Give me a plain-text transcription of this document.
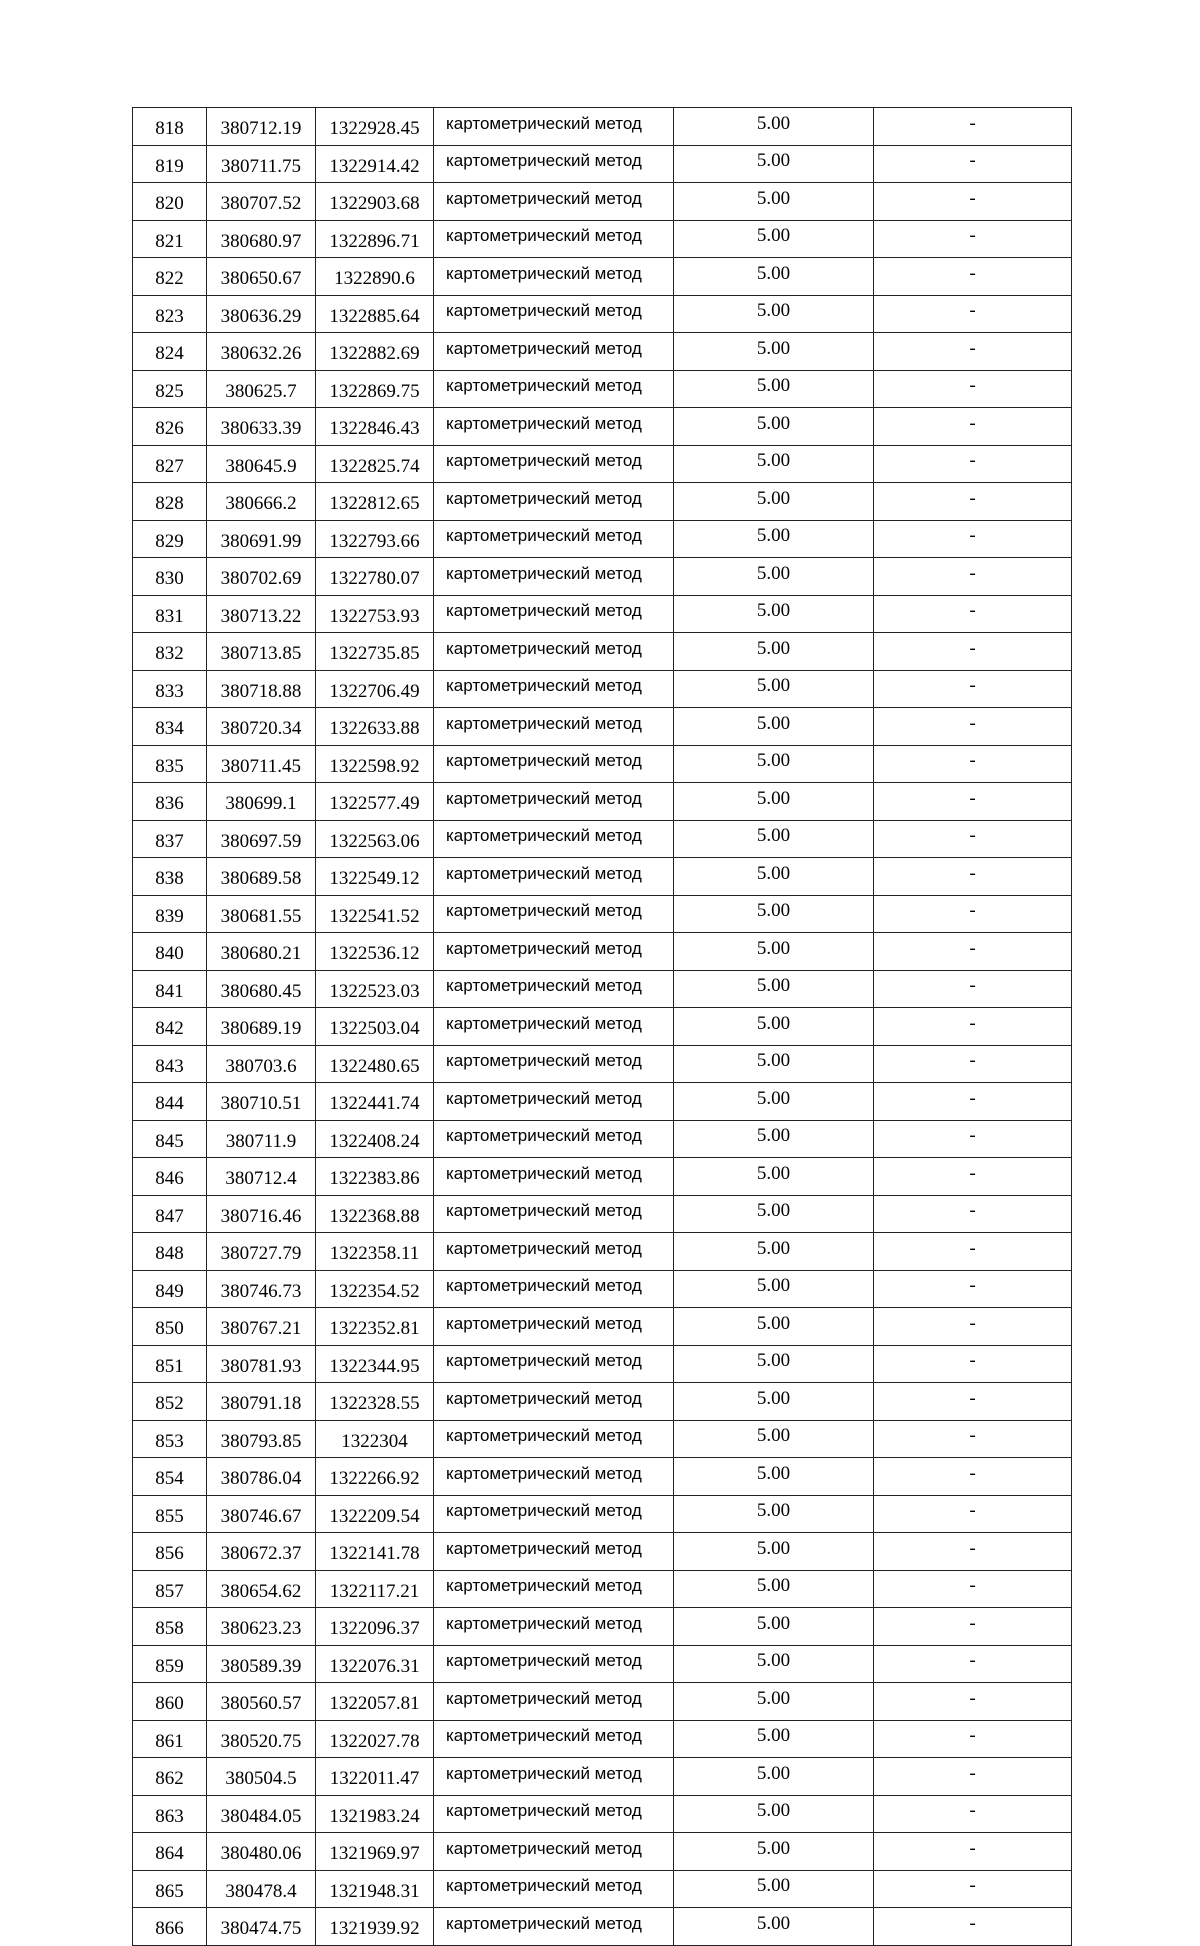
818	380712.19	1322928.45	картометрический метод	5.00	-
819	380711.75	1322914.42	картометрический метод	5.00	-
820	380707.52	1322903.68	картометрический метод	5.00	-
821	380680.97	1322896.71	картометрический метод	5.00	-
822	380650.67	1322890.6	картометрический метод	5.00	-
823	380636.29	1322885.64	картометрический метод	5.00	-
824	380632.26	1322882.69	картометрический метод	5.00	-
825	380625.7	1322869.75	картометрический метод	5.00	-
826	380633.39	1322846.43	картометрический метод	5.00	-
827	380645.9	1322825.74	картометрический метод	5.00	-
828	380666.2	1322812.65	картометрический метод	5.00	-
829	380691.99	1322793.66	картометрический метод	5.00	-
830	380702.69	1322780.07	картометрический метод	5.00	-
831	380713.22	1322753.93	картометрический метод	5.00	-
832	380713.85	1322735.85	картометрический метод	5.00	-
833	380718.88	1322706.49	картометрический метод	5.00	-
834	380720.34	1322633.88	картометрический метод	5.00	-
835	380711.45	1322598.92	картометрический метод	5.00	-
836	380699.1	1322577.49	картометрический метод	5.00	-
837	380697.59	1322563.06	картометрический метод	5.00	-
838	380689.58	1322549.12	картометрический метод	5.00	-
839	380681.55	1322541.52	картометрический метод	5.00	-
840	380680.21	1322536.12	картометрический метод	5.00	-
841	380680.45	1322523.03	картометрический метод	5.00	-
842	380689.19	1322503.04	картометрический метод	5.00	-
843	380703.6	1322480.65	картометрический метод	5.00	-
844	380710.51	1322441.74	картометрический метод	5.00	-
845	380711.9	1322408.24	картометрический метод	5.00	-
846	380712.4	1322383.86	картометрический метод	5.00	-
847	380716.46	1322368.88	картометрический метод	5.00	-
848	380727.79	1322358.11	картометрический метод	5.00	-
849	380746.73	1322354.52	картометрический метод	5.00	-
850	380767.21	1322352.81	картометрический метод	5.00	-
851	380781.93	1322344.95	картометрический метод	5.00	-
852	380791.18	1322328.55	картометрический метод	5.00	-
853	380793.85	1322304	картометрический метод	5.00	-
854	380786.04	1322266.92	картометрический метод	5.00	-
855	380746.67	1322209.54	картометрический метод	5.00	-
856	380672.37	1322141.78	картометрический метод	5.00	-
857	380654.62	1322117.21	картометрический метод	5.00	-
858	380623.23	1322096.37	картометрический метод	5.00	-
859	380589.39	1322076.31	картометрический метод	5.00	-
860	380560.57	1322057.81	картометрический метод	5.00	-
861	380520.75	1322027.78	картометрический метод	5.00	-
862	380504.5	1322011.47	картометрический метод	5.00	-
863	380484.05	1321983.24	картометрический метод	5.00	-
864	380480.06	1321969.97	картометрический метод	5.00	-
865	380478.4	1321948.31	картометрический метод	5.00	-
866	380474.75	1321939.92	картометрический метод	5.00	-
